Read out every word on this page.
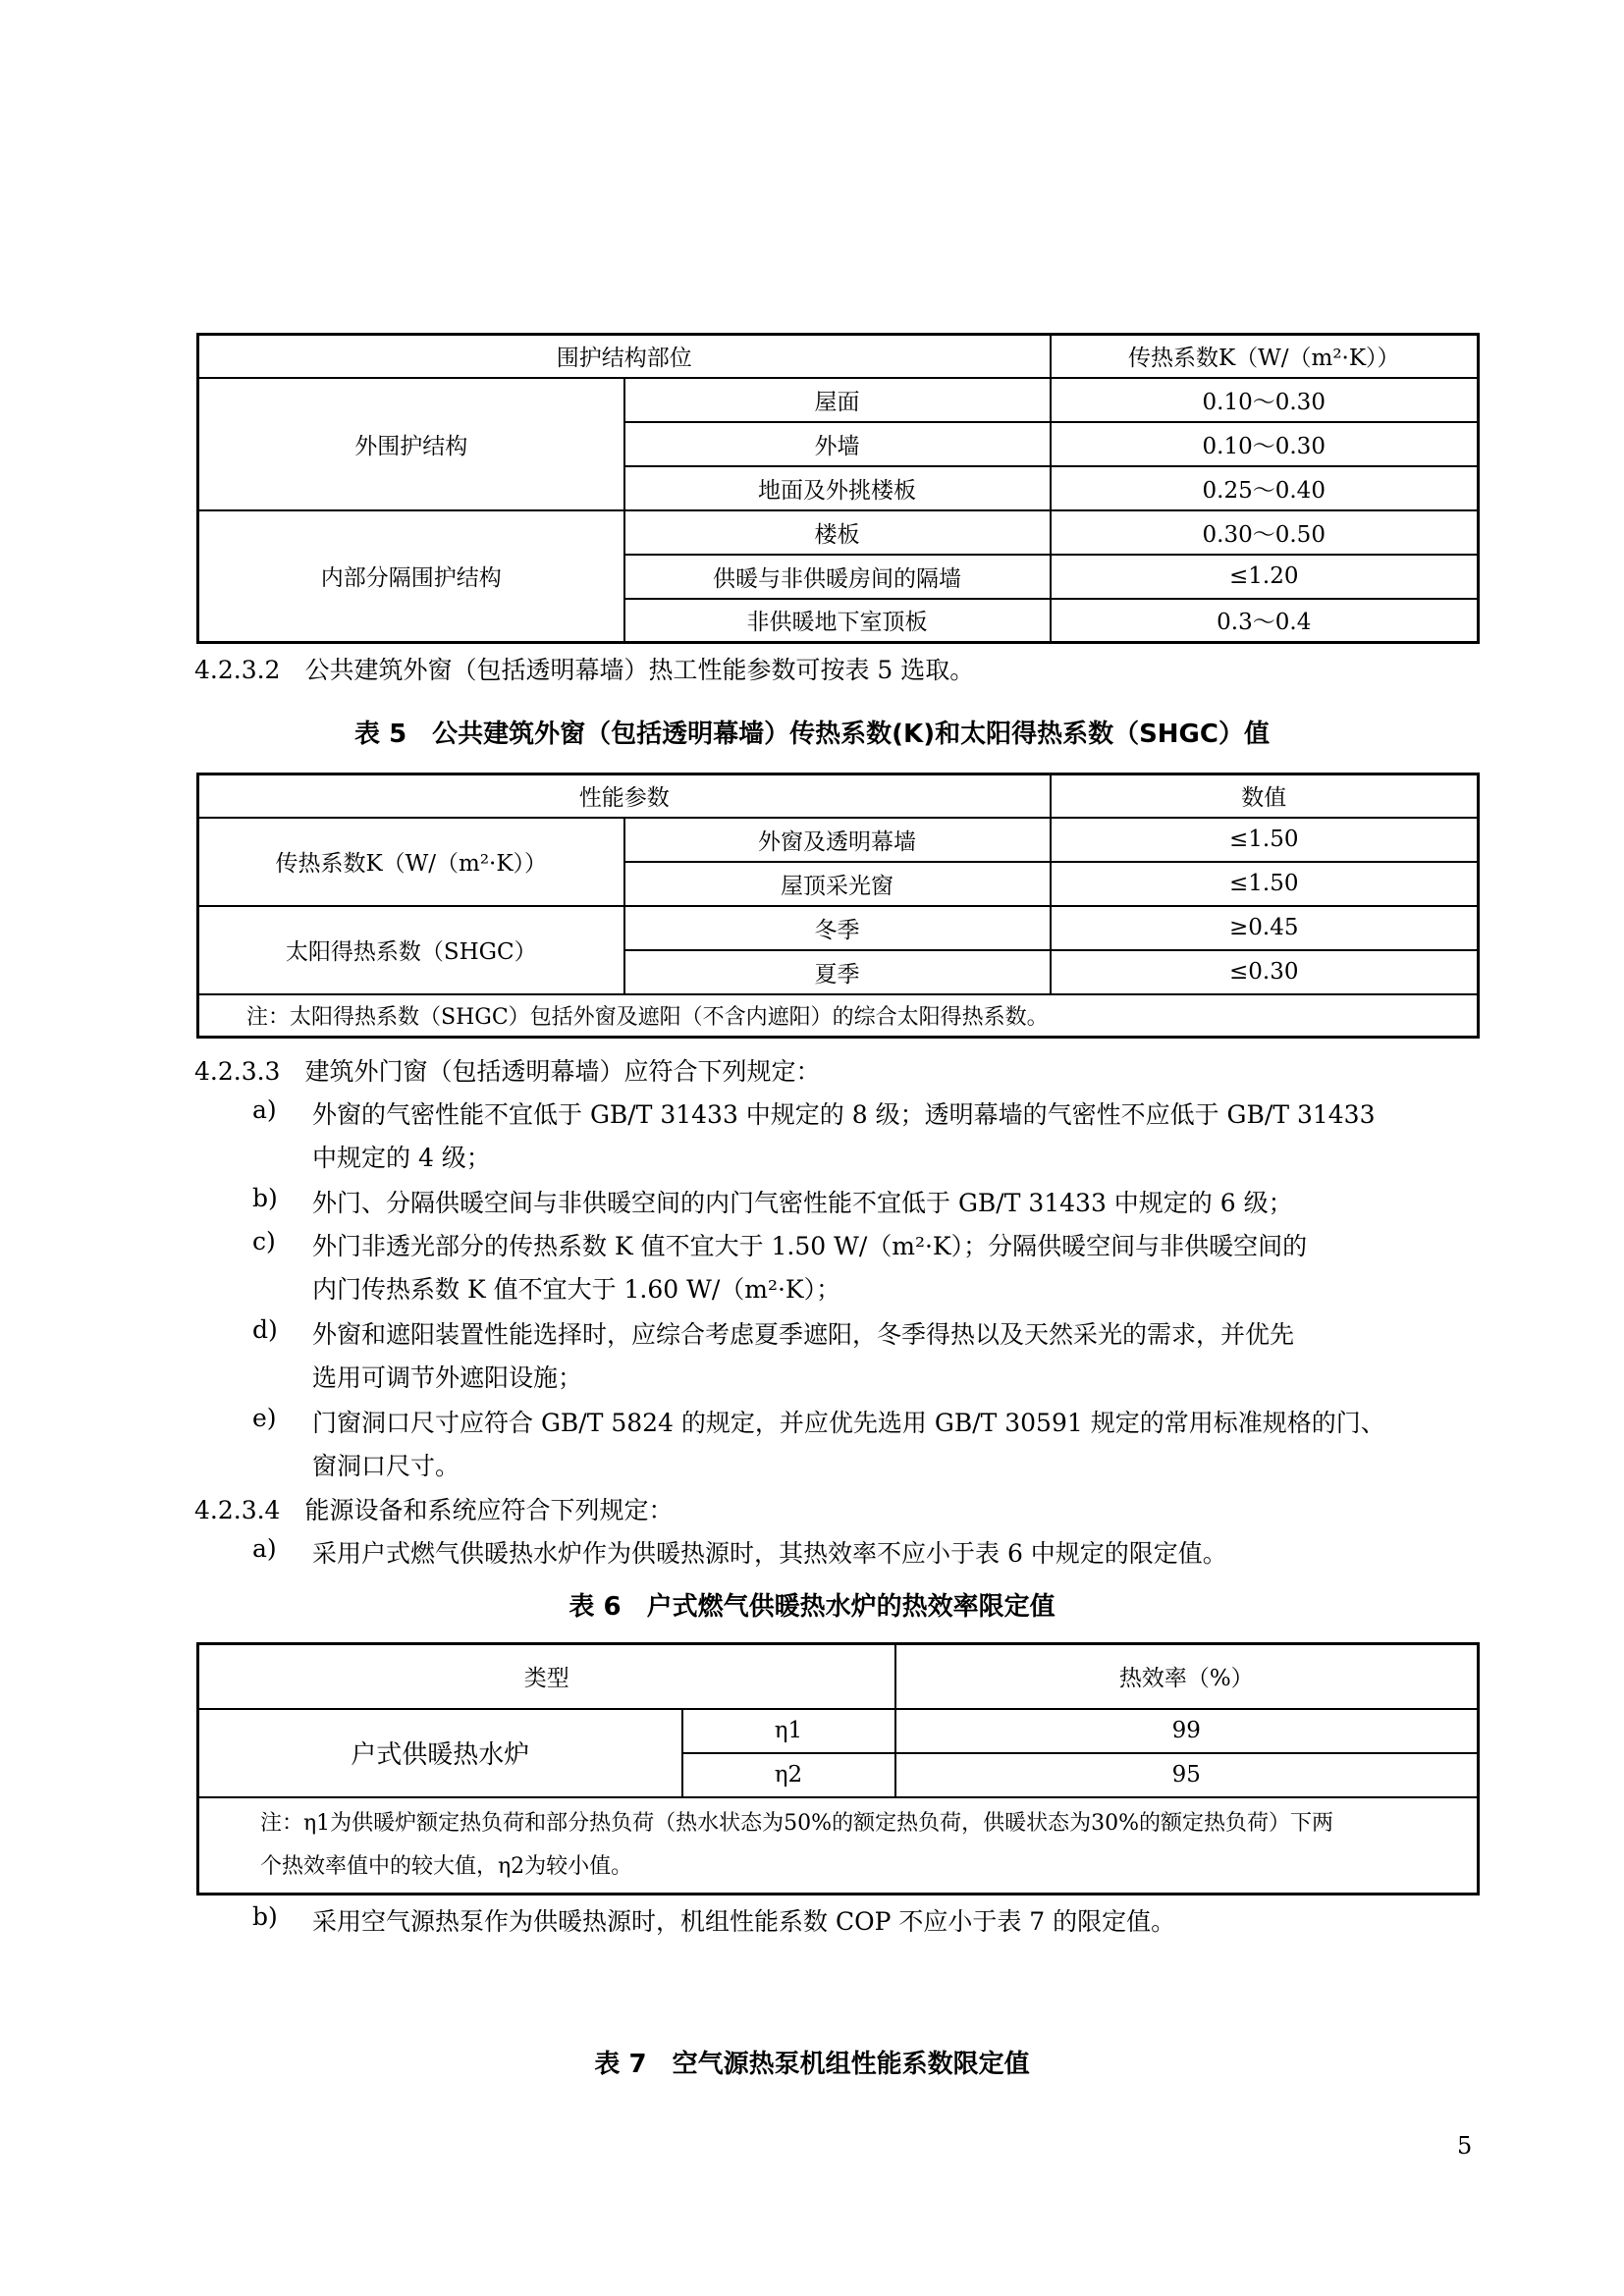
围护结构部位		传热系数K（W/（m²·K））
外围护结构	屋面	0.10～0.30
	外墙	0.10～0.30
	地面及外挑楼板	0.25～0.40
内部分隔围护结构	楼板	0.30～0.50
	供暖与非供暖房间的隔墙	≤1.20
	非供暖地下室顶板	0.3～0.4
4.2.3.2　公共建筑外窗（包括透明幕墙）热工性能参数可按表 5 选取。
表 5　公共建筑外窗（包括透明幕墙）传热系数(K)和太阳得热系数（SHGC）值
性能参数		数值
传热系数K（W/（m²·K））	外窗及透明幕墙	≤1.50
	屋顶采光窗	≤1.50
太阳得热系数（SHGC）	冬季	≥0.45
	夏季	≤0.30
注：太阳得热系数（SHGC）包括外窗及遮阳（不含内遮阳）的综合太阳得热系数。		
4.2.3.3　建筑外门窗（包括透明幕墙）应符合下列规定：
a) 外窗的气密性能不宜低于 GB/T 31433 中规定的 8 级；透明幕墙的气密性不应低于 GB/T 31433
中规定的 4 级；
b) 外门、分隔供暖空间与非供暖空间的内门气密性能不宜低于 GB/T 31433 中规定的 6 级；
c) 外门非透光部分的传热系数 K 值不宜大于 1.50 W/（m²·K）；分隔供暖空间与非供暖空间的
内门传热系数 K 值不宜大于 1.60 W/（m²·K）；
d) 外窗和遮阳装置性能选择时，应综合考虑夏季遮阳，冬季得热以及天然采光的需求，并优先
选用可调节外遮阳设施；
e) 门窗洞口尺寸应符合 GB/T 5824 的规定，并应优先选用 GB/T 30591 规定的常用标准规格的门、
窗洞口尺寸。
4.2.3.4　能源设备和系统应符合下列规定：
a) 采用户式燃气供暖热水炉作为供暖热源时，其热效率不应小于表 6 中规定的限定值。
表 6　户式燃气供暖热水炉的热效率限定值
类型		热效率（%）
户式供暖热水炉	η1	99
	η2	95

注：η1为供暖炉额定热负荷和部分热负荷（热水状态为50%的额定热负荷，供暖状态为30%的额定热负荷）下两
个热效率值中的较大值，η2为较小值。		
b) 采用空气源热泵作为供暖热源时，机组性能系数 COP 不应小于表 7 的限定值。
表 7　空气源热泵机组性能系数限定值
5
